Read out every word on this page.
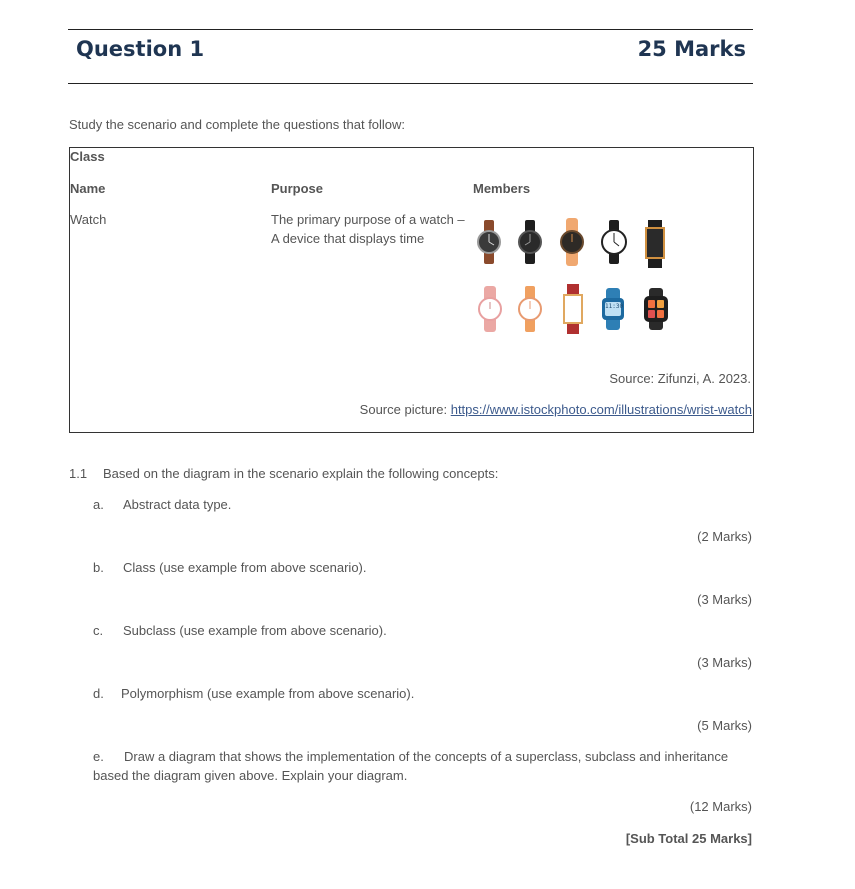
Question 1	25 Marks
Study the scenario and complete the questions that follow:
Class
Name	Purpose	Members
Watch	The primary purpose of a watch –
A device that displays time
11:30
Source: Zifunzi, A. 2023.
Source picture: https://www.istockphoto.com/illustrations/wrist-watch
1.1 Based on the diagram in the scenario explain the following concepts:
a. Abstract data type.
(2 Marks)
b. Class (use example from above scenario).
(3 Marks)
c. Subclass (use example from above scenario).
(3 Marks)
d. Polymorphism (use example from above scenario).
(5 Marks)
e. Draw a diagram that shows the implementation of the concepts of a superclass, subclass and inheritance
based the diagram given above. Explain your diagram.
(12 Marks)
[Sub Total 25 Marks]
